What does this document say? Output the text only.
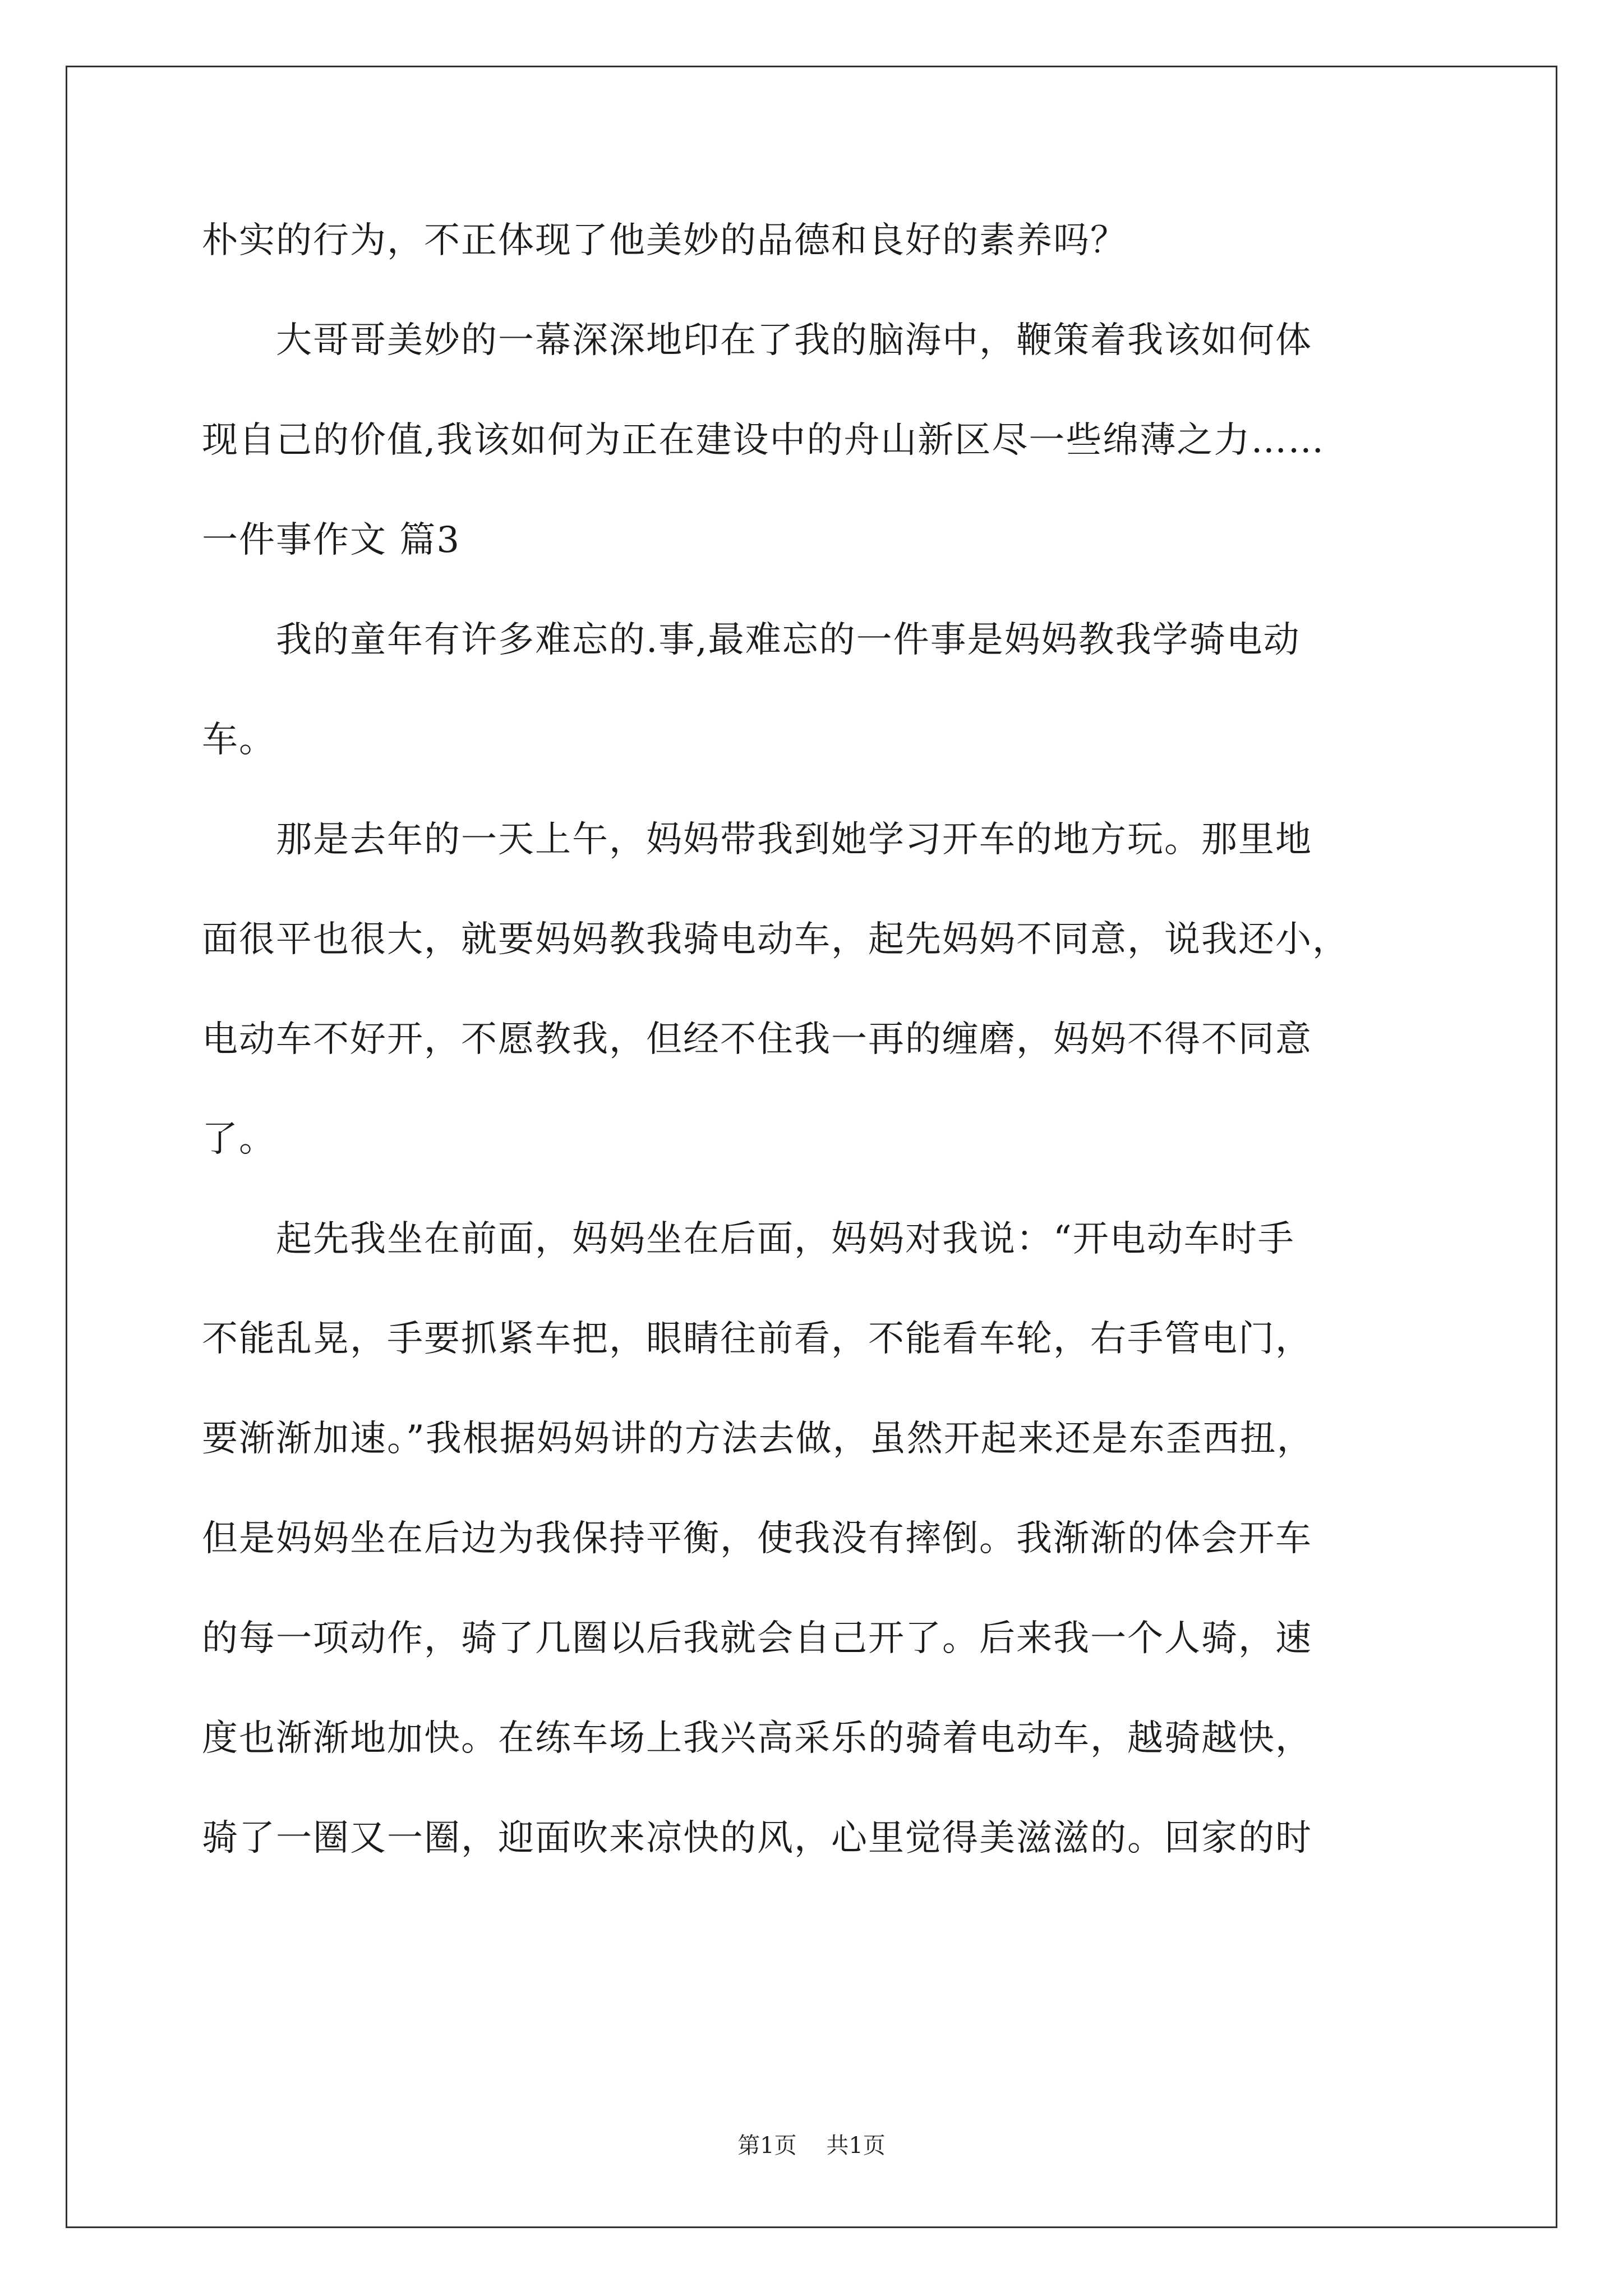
朴实的行为，不正体现了他美妙的品德和良好的素养吗？
大哥哥美妙的一幕深深地印在了我的脑海中，鞭策着我该如何体
现自己的价值,我该如何为正在建设中的舟山新区尽一些绵薄之力……
一件事作文 篇3
我的童年有许多难忘的.事,最难忘的一件事是妈妈教我学骑电动
车。
那是去年的一天上午，妈妈带我到她学习开车的地方玩。那里地
面很平也很大，就要妈妈教我骑电动车，起先妈妈不同意，说我还小，
电动车不好开，不愿教我，但经不住我一再的缠磨，妈妈不得不同意
了。
起先我坐在前面，妈妈坐在后面，妈妈对我说：“开电动车时手
不能乱晃，手要抓紧车把，眼睛往前看，不能看车轮，右手管电门，
要渐渐加速。”我根据妈妈讲的方法去做，虽然开起来还是东歪西扭，
但是妈妈坐在后边为我保持平衡，使我没有摔倒。我渐渐的体会开车
的每一项动作，骑了几圈以后我就会自己开了。后来我一个人骑，速
度也渐渐地加快。在练车场上我兴高采乐的骑着电动车，越骑越快，
骑了一圈又一圈，迎面吹来凉快的风，心里觉得美滋滋的。回家的时
第1页 共1页
